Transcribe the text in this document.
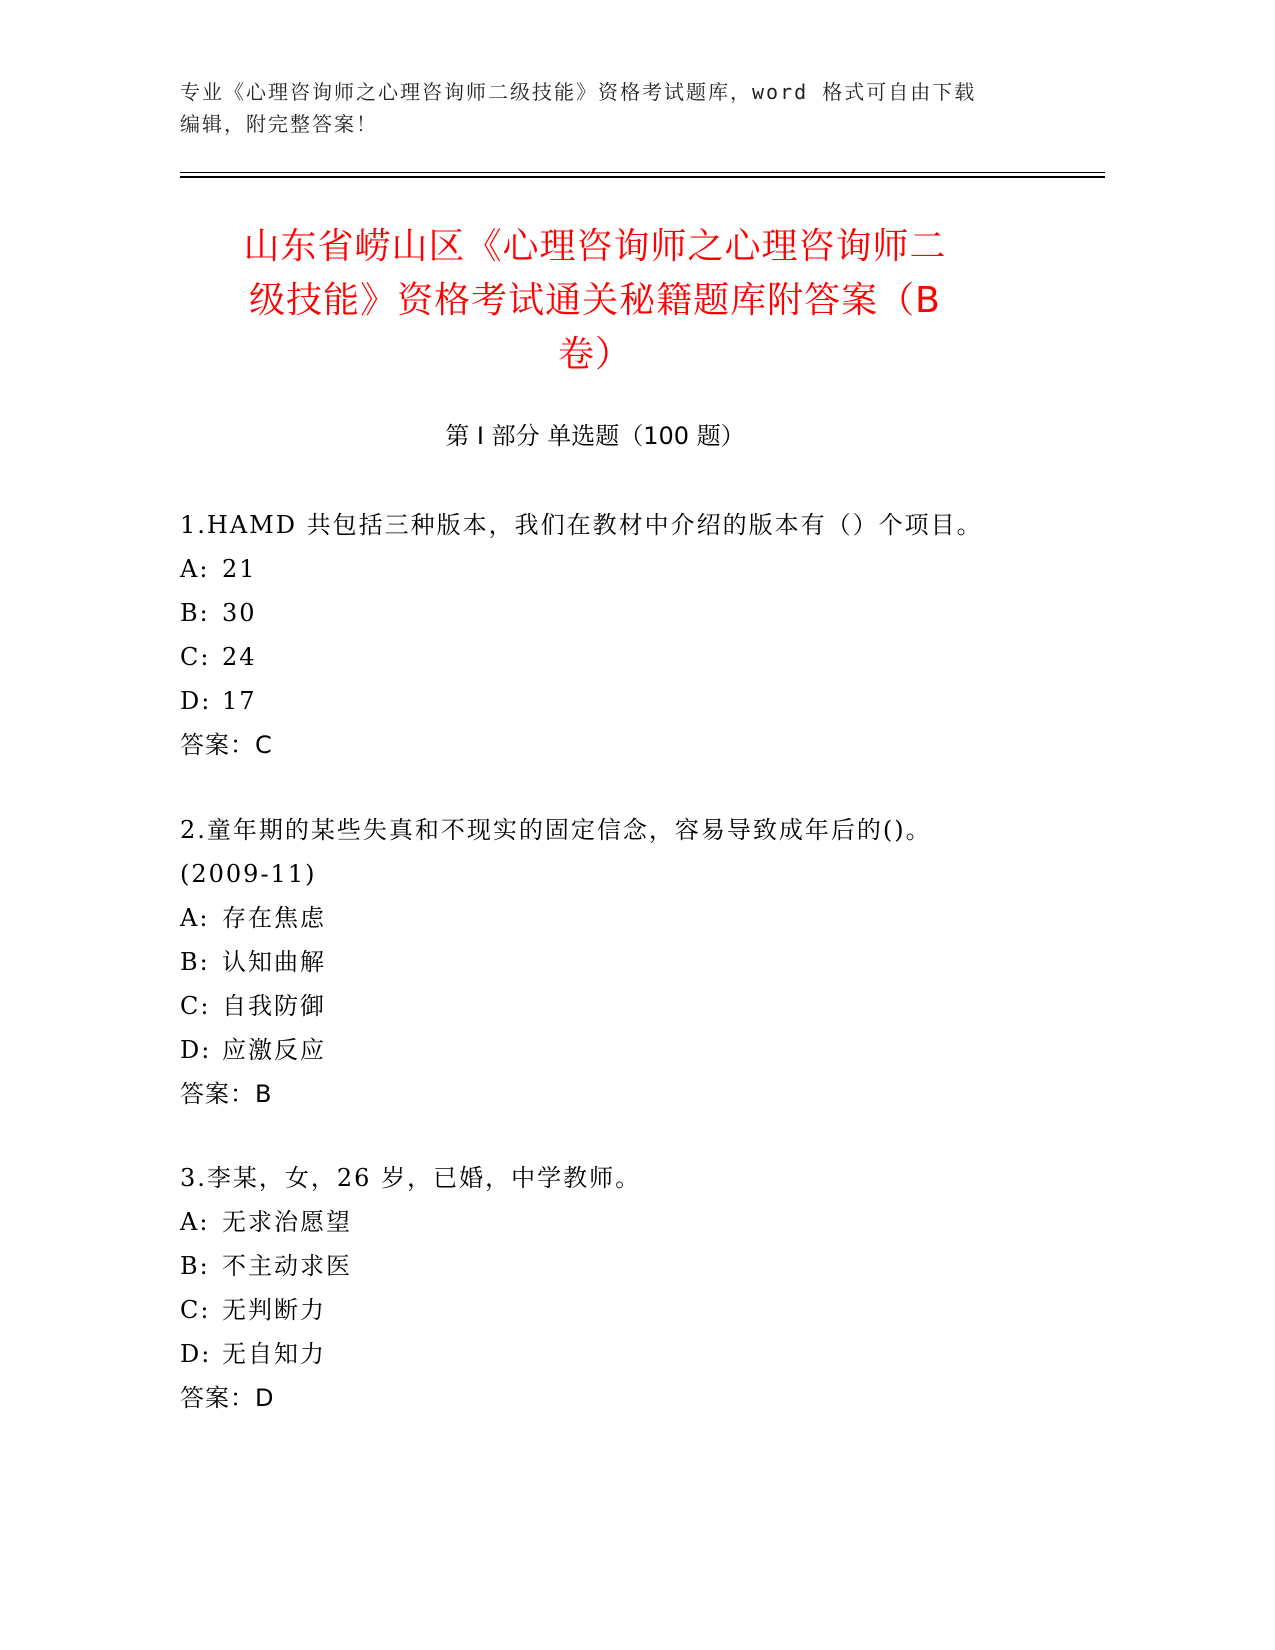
专业《心理咨询师之心理咨询师二级技能》资格考试题库，word 格式可自由下载
编辑，附完整答案！
山东省崂山区《心理咨询师之心理咨询师二
级技能》资格考试通关秘籍题库附答案（B
卷）
第 I 部分 单选题（100 题）
1.HAMD 共包括三种版本，我们在教材中介绍的版本有（）个项目。
A: 21
B: 30
C: 24
D: 17
答案：C
2.童年期的某些失真和不现实的固定信念，容易导致成年后的()。
(2009-11)
A: 存在焦虑
B: 认知曲解
C: 自我防御
D: 应激反应
答案：B
3.李某，女，26 岁，已婚，中学教师。
A: 无求治愿望
B: 不主动求医
C: 无判断力
D: 无自知力
答案：D
